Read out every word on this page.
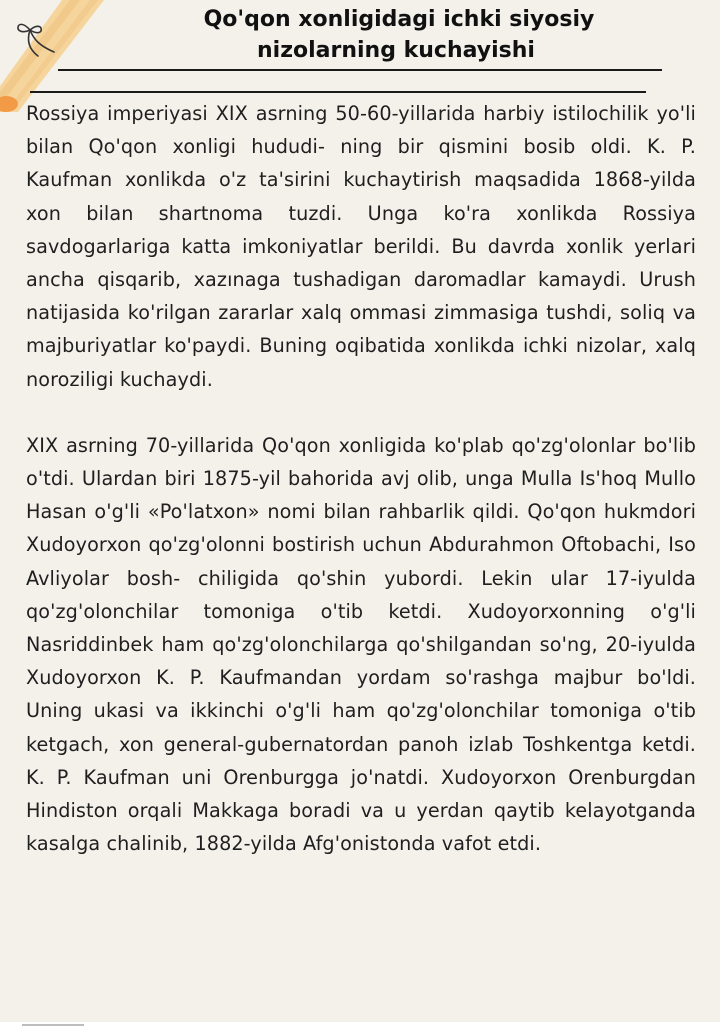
Qo'qon xonligidagi ichki siyosiy

nizolarning kuchayishi

Rossiya imperiyasi XIX asrning 50-60-yillarida harbiy istilochilik yo'li bilan Qo'qon xonligi hududi- ning bir qismini bosib oldi. K. P. Kaufman xonlikda o'z ta'sirini kuchaytirish maqsadida 1868-yilda xon bilan shartnoma tuzdi. Unga ko'ra xonlikda Rossiya savdogarlariga katta imkoniyatlar berildi. Bu davrda xonlik yerlari ancha qisqarib, xazınaga tushadigan daromadlar kamaydi. Urush natijasida ko'rilgan zararlar xalq ommasi zimmasiga tushdi, soliq va majburiyatlar ko'paydi. Buning oqibatida xonlikda ichki nizolar, xalq noroziligi kuchaydi.

XIX asrning 70-yillarida Qo'qon xonligida ko'plab qo'zg'olonlar bo'lib o'tdi. Ulardan biri 1875-yil bahorida avj olib, unga Mulla Is'hoq Mullo Hasan o'g'li «Po'latxon» nomi bilan rahbarlik qildi. Qo'qon hukmdori Xudoyorxon qo'zg'olonni bostirish uchun Abdurahmon Oftobachi, Iso Avliyolar bosh- chiligida qo'shin yubordi. Lekin ular 17-iyulda qo'zg'olonchilar tomoniga o'tib ketdi. Xudoyorxonning o'g'li Nasriddinbek ham qo'zg'olonchilarga qo'shilgandan so'ng, 20-iyulda Xudoyorxon K. P. Kaufmandan yordam so'rashga majbur bo'ldi. Uning ukasi va ikkinchi o'g'li ham qo'zg'olonchilar tomoniga o'tib ketgach, xon general-gubernatordan panoh izlab Toshkentga ketdi. K. P. Kaufman uni Orenburgga jo'natdi. Xudoyorxon Orenburgdan Hindiston orqali Makkaga boradi va u yerdan qaytib kelayotganda kasalga chalinib, 1882-yilda Afg'onistonda vafot etdi.
